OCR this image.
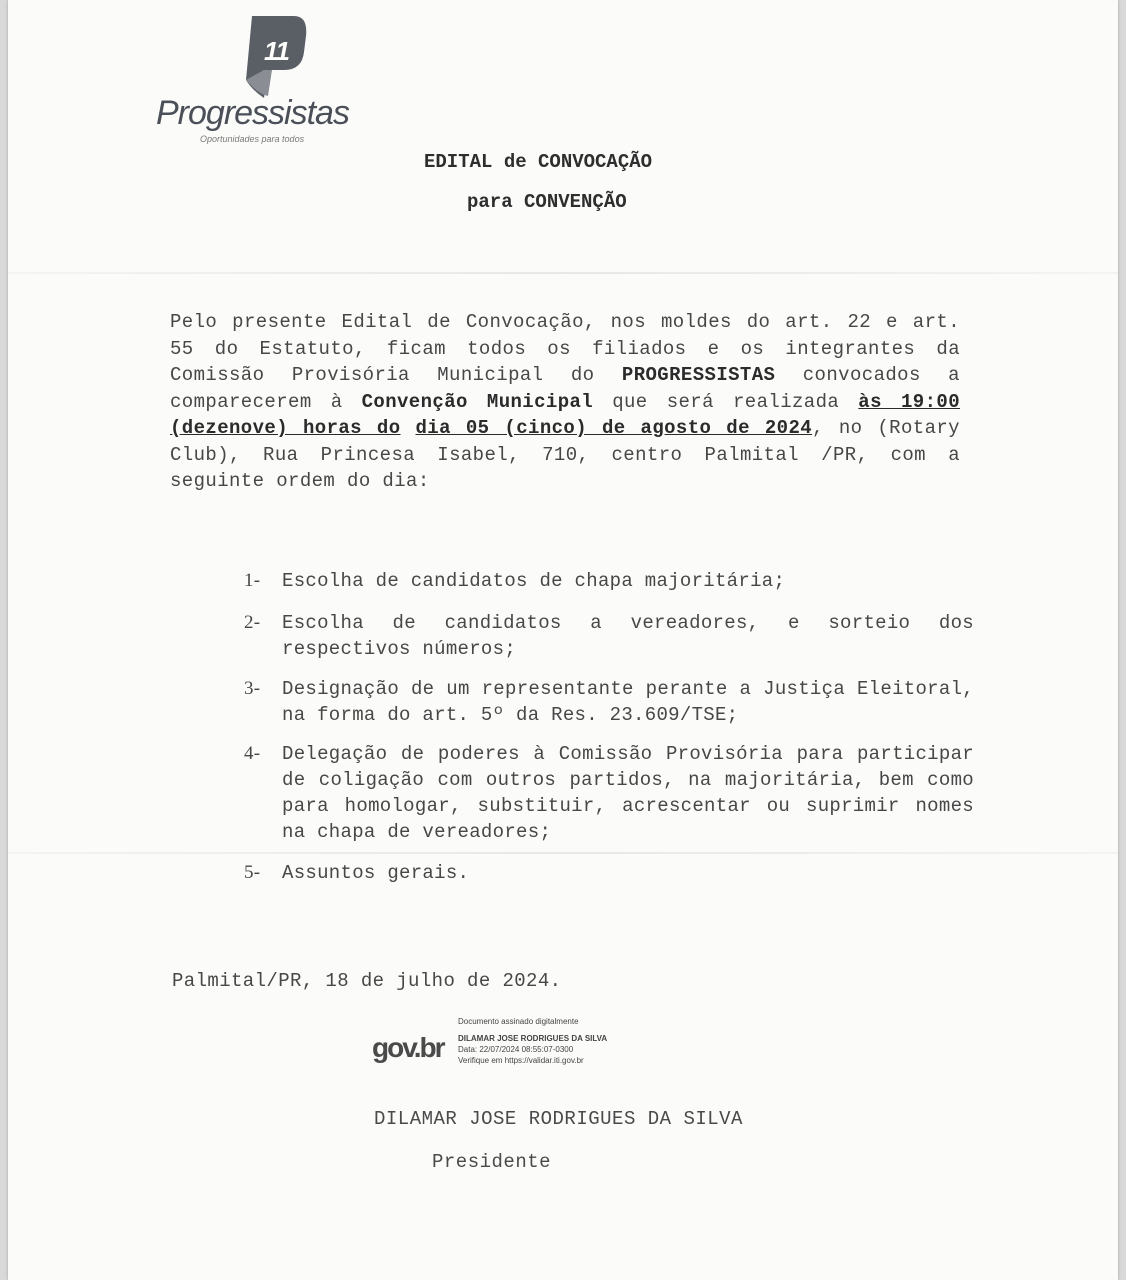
11
Progressistas
Oportunidades para todos
EDITAL de CONVOCAÇÃO
para CONVENÇÃO
Pelo presente Edital de Convocação, nos moldes do art. 22 e art. 55 do Estatuto, ficam todos os filiados e os integrantes da Comissão Provisória Municipal do PROGRESSISTAS convocados a comparecerem à Convenção Municipal que será realizada às 19:00 (dezenove) horas do dia 05 (cinco) de agosto de 2024, no (Rotary Club), Rua Princesa Isabel, 710, centro Palmital /PR, com a seguinte ordem do dia:
1- Escolha de candidatos de chapa majoritária;
2- Escolha de candidatos a vereadores, e sorteio dos respectivos números;
3- Designação de um representante perante a Justiça Eleitoral, na forma do art. 5º da Res. 23.609/TSE;
4- Delegação de poderes à Comissão Provisória para participar de coligação com outros partidos, na majoritária, bem como para homologar, substituir, acrescentar ou suprimir nomes na chapa de vereadores;
5- Assuntos gerais.
Palmital/PR, 18 de julho de 2024.
gov.br
Documento assinado digitalmente
DILAMAR JOSE RODRIGUES DA SILVA
Data: 22/07/2024 08:55:07-0300
Verifique em https://validar.iti.gov.br
DILAMAR JOSE RODRIGUES DA SILVA
Presidente
